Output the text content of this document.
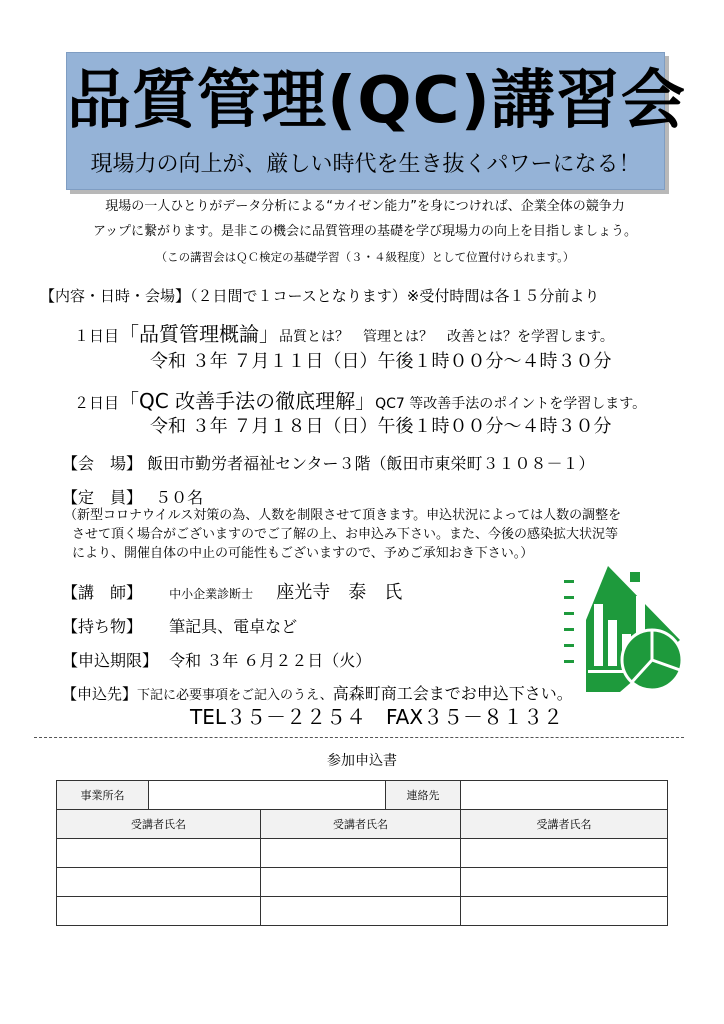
品質管理(QC)講習会
現場力の向上が、厳しい時代を生き抜くパワーになる！
現場の一人ひとりがデータ分析による“カイゼン能力”を身につければ、企業全体の競争力
アップに繋がります。是非この機会に品質管理の基礎を学び現場力の向上を目指しましょう。
（この講習会はＱＣ検定の基礎学習（３・４級程度）として位置付けられます。）
【内容・日時・会場】（２日間で１コースとなります）※受付時間は各１５分前より
１日目「品質管理概論」品質とは？　管理とは？　改善とは？を学習します。
令和 ３年 ７月１１日（日）午後１時００分～４時３０分
２日目「QC 改善手法の徹底理解」QC7 等改善手法のポイントを学習します。
令和 ３年 ７月１８日（日）午後１時００分～４時３０分
【会　場】 飯田市勤労者福祉センター３階（飯田市東栄町３１０８－１）
【定　員】 ５０名
（新型コロナウイルス対策の為、人数を制限させて頂きます。申込状況によっては人数の調整を
させて頂く場合がございますのでご了解の上、お申込み下さい。また、今後の感染拡大状況等
により、開催自体の中止の可能性もございますので、予めご承知おき下さい。）
【講　師】 中小企業診断士 座光寺　泰　氏
【持ち物】 筆記具、電卓など
【申込期限】 令和 ３年 ６月２２日（火）
【申込先】下記に必要事項をご記入のうえ、高森町商工会までお申込下さい。
TEL３５－２２５４　FAX３５－８１３２
参加申込書
事業所名			連絡先	
受講者氏名		受講者氏名		受講者氏名
